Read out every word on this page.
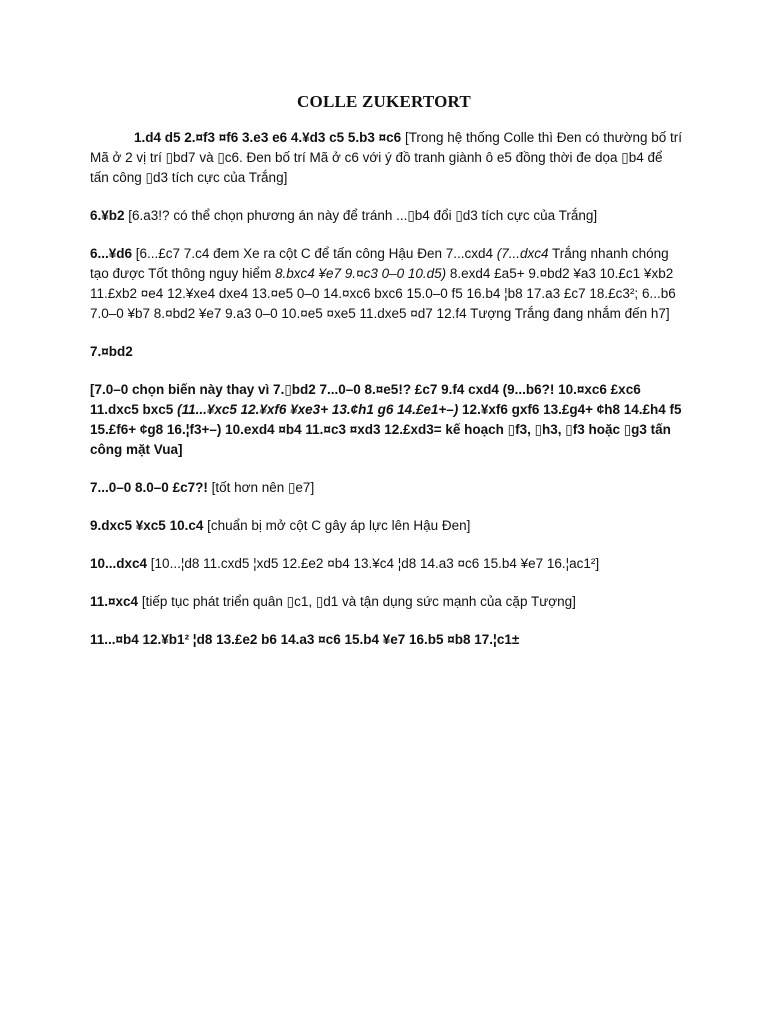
COLLE ZUKERTORT

1.d4 d5 2.¤f3 ¤f6 3.e3 e6 4.¥d3 c5 5.b3 ¤c6 [Trong hệ thống Colle thì Đen có thường bố trí Mã ở 2 vị trí ▯bd7 và ▯c6. Đen bố trí Mã ở c6 với ý đồ tranh giành ô e5 đồng thời đe dọa ▯b4 để tấn công ▯d3 tích cực của Trắng]

6.¥b2 [6.a3!? có thể chọn phương án này để tránh ...▯b4 đổi ▯d3 tích cực của Trắng]

6...¥d6 [6...£c7 7.c4 đem Xe ra cột C để tấn công Hậu Đen 7...cxd4 (7...dxc4 Trắng nhanh chóng tạo được Tốt thông nguy hiểm 8.bxc4 ¥e7 9.¤c3 0–0 10.d5) 8.exd4 £a5+ 9.¤bd2 ¥a3 10.£c1 ¥xb2 11.£xb2 ¤e4 12.¥xe4 dxe4 13.¤e5 0–0 14.¤xc6 bxc6 15.0–0 f5 16.b4 ¦b8 17.a3 £c7 18.£c3²; 6...b6 7.0–0 ¥b7 8.¤bd2 ¥e7 9.a3 0–0 10.¤e5 ¤xe5 11.dxe5 ¤d7 12.f4 Tượng Trắng đang nhắm đến h7]

7.¤bd2

[7.0–0 chọn biến này thay vì 7.▯bd2 7...0–0 8.¤e5!? £c7 9.f4 cxd4 (9...b6?! 10.¤xc6 £xc6 11.dxc5 bxc5 (11...¥xc5 12.¥xf6 ¥xe3+ 13.¢h1 g6 14.£e1+–) 12.¥xf6 gxf6 13.£g4+ ¢h8 14.£h4 f5 15.£f6+ ¢g8 16.¦f3+–) 10.exd4 ¤b4 11.¤c3 ¤xd3 12.£xd3= kế hoạch ▯f3, ▯h3, ▯f3 hoặc ▯g3 tấn công mặt Vua]

7...0–0 8.0–0 £c7?! [tốt hơn nên ▯e7]

9.dxc5 ¥xc5 10.c4 [chuẩn bị mở cột C gây áp lực lên Hậu Đen]

10...dxc4 [10...¦d8 11.cxd5 ¦xd5 12.£e2 ¤b4 13.¥c4 ¦d8 14.a3 ¤c6 15.b4 ¥e7 16.¦ac1²]

11.¤xc4 [tiếp tục phát triển quân ▯c1, ▯d1 và tận dụng sức mạnh của cặp Tượng]

11...¤b4 12.¥b1² ¦d8 13.£e2 b6 14.a3 ¤c6 15.b4 ¥e7 16.b5 ¤b8 17.¦c1±
